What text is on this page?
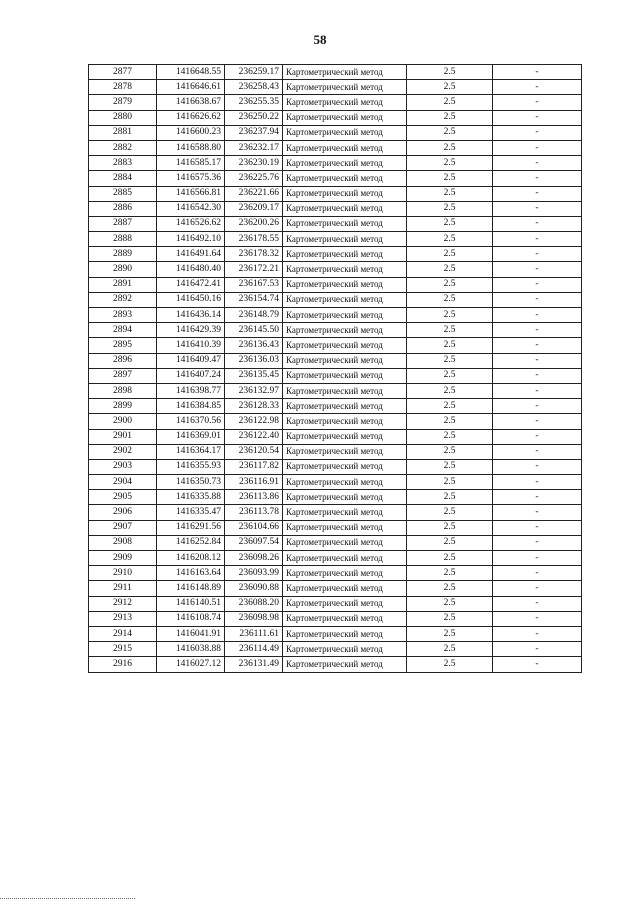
58
2877	1416648.55	236259.17	Картометрический метод	2.5	-
2878	1416646.61	236258.43	Картометрический метод	2.5	-
2879	1416638.67	236255.35	Картометрический метод	2.5	-
2880	1416626.62	236250.22	Картометрический метод	2.5	-
2881	1416600.23	236237.94	Картометрический метод	2.5	-
2882	1416588.80	236232.17	Картометрический метод	2.5	-
2883	1416585.17	236230.19	Картометрический метод	2.5	-
2884	1416575.36	236225.76	Картометрический метод	2.5	-
2885	1416566.81	236221.66	Картометрический метод	2.5	-
2886	1416542.30	236209.17	Картометрический метод	2.5	-
2887	1416526.62	236200.26	Картометрический метод	2.5	-
2888	1416492.10	236178.55	Картометрический метод	2.5	-
2889	1416491.64	236178.32	Картометрический метод	2.5	-
2890	1416480.40	236172.21	Картометрический метод	2.5	-
2891	1416472.41	236167.53	Картометрический метод	2.5	-
2892	1416450.16	236154.74	Картометрический метод	2.5	-
2893	1416436.14	236148.79	Картометрический метод	2.5	-
2894	1416429.39	236145.50	Картометрический метод	2.5	-
2895	1416410.39	236136.43	Картометрический метод	2.5	-
2896	1416409.47	236136.03	Картометрический метод	2.5	-
2897	1416407.24	236135.45	Картометрический метод	2.5	-
2898	1416398.77	236132.97	Картометрический метод	2.5	-
2899	1416384.85	236128.33	Картометрический метод	2.5	-
2900	1416370.56	236122.98	Картометрический метод	2.5	-
2901	1416369.01	236122.40	Картометрический метод	2.5	-
2902	1416364.17	236120.54	Картометрический метод	2.5	-
2903	1416355.93	236117.82	Картометрический метод	2.5	-
2904	1416350.73	236116.91	Картометрический метод	2.5	-
2905	1416335.88	236113.86	Картометрический метод	2.5	-
2906	1416335.47	236113.78	Картометрический метод	2.5	-
2907	1416291.56	236104.66	Картометрический метод	2.5	-
2908	1416252.84	236097.54	Картометрический метод	2.5	-
2909	1416208.12	236098.26	Картометрический метод	2.5	-
2910	1416163.64	236093.99	Картометрический метод	2.5	-
2911	1416148.89	236090.88	Картометрический метод	2.5	-
2912	1416140.51	236088.20	Картометрический метод	2.5	-
2913	1416108.74	236098.98	Картометрический метод	2.5	-
2914	1416041.91	236111.61	Картометрический метод	2.5	-
2915	1416038.88	236114.49	Картометрический метод	2.5	-
2916	1416027.12	236131.49	Картометрический метод	2.5	-
